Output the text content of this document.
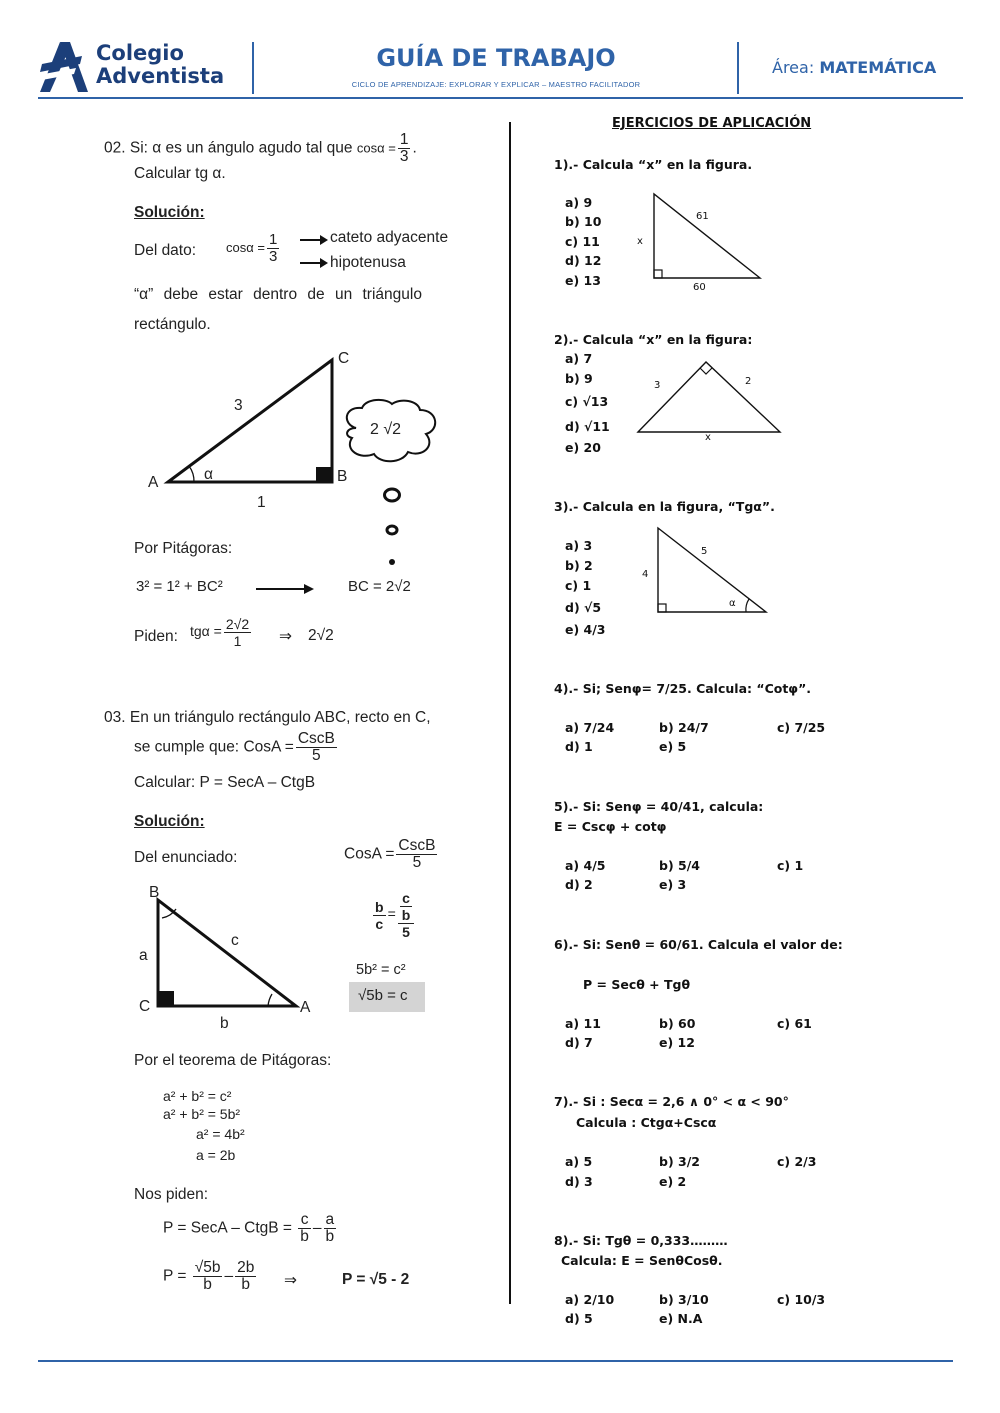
Colegio
Adventista
GUÍA DE TRABAJO
CICLO DE APRENDIZAJE: EXPLORAR Y EXPLICAR – MAESTRO FACILITADOR
Área: MATEMÁTICA
02. Si: α es un ángulo agudo tal que $\cos\alpha = \frac{1}{3}$ .
Calcular tg α.
Solución:
Del dato: $\cos\alpha = \frac{1}{3}$	cateto adyacente
hipotenusa
“α” debe estar dentro de un triángulo
rectángulo.
C
A	B
3
1
α
2 √2
Por Pitágoras:
3² = 1² + BC²	BC = 2√2
Piden: $tg\alpha = \frac{2√2}{1}$ ⇒ 2√2
03. En un triángulo rectángulo ABC, recto en C,
se cumple que: CosA = $\frac{\text{CscB}}{5}$
Calcular: P = SecA – CtgB
Solución:
Del enunciado:	CosA = $\frac{\text{CscB}}{5}$
B
C	A
a
b
c
$\frac{b}{c} = \frac{\frac{c}{b}}{5}$
5b² = c²
√5b = c
Por el teorema de Pitágoras:
a² + b² = c²
a² + b² = 5b²
a² = 4b²
a = 2b
Nos piden:
P = SecA – CtgB = $\frac{c}{b} - \frac{a}{b}$
$P = \frac{√5b}{b} - \frac{2b}{b}$ ⇒	P = √5 - 2
EJERCICIOS DE APLICACIÓN
1).- Calcula “x” en la figura.
a) 9
b) 10
c) 11
d) 12
e) 13
61
x
60
2).- Calcula “x” en la figura:
a) 7
b) 9
c) √13
d) √11
e) 20
3	2
x
3).- Calcula en la figura, “Tgα”.
a) 3
b) 2
c) 1
d) √5
e) 4/3
5
4
α
4).- Si; Senφ= 7/25. Calcula: “Cotφ”.
a) 7/24	b) 24/7	c) 7/25
d) 1	e) 5
5).- Si: Senφ = 40/41, calcula:
E = Cscφ + cotφ
a) 4/5	b) 5/4	c) 1
d) 2	e) 3
6).- Si: Senθ = 60/61. Calcula el valor de:
P = Secθ + Tgθ
a) 11	b) 60	c) 61
d) 7	e) 12
7).- Si : Secα = 2,6 ∧ 0° < α < 90°
Calcula : Ctgα+Cscα
a) 5	b) 3/2	c) 2/3
d) 3	e) 2
8).- Si: Tgθ = 0,333………
Calcula: E = SenθCosθ.
a) 2/10	b) 3/10	c) 10/3
d) 5	e) N.A
